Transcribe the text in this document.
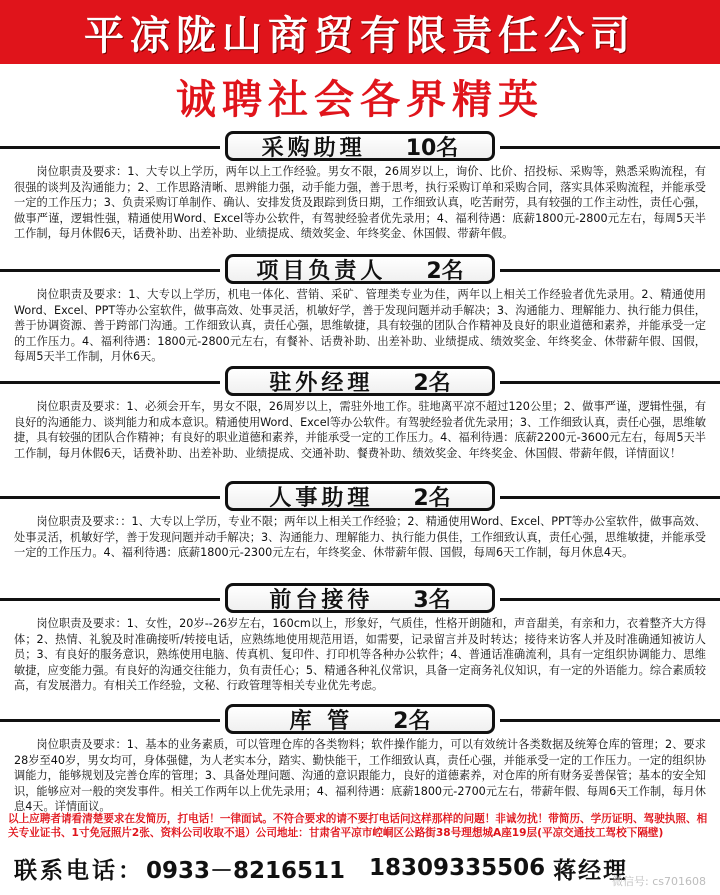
平凉陇山商贸有限责任公司
诚聘社会各界精英
采购助理 10名
岗位职责及要求：1、大专以上学历，两年以上工作经验。男女不限，26周岁以上，询价、比价、招投标、采购等，熟悉采购流程，有很强的谈判及沟通能力；2、工作思路清晰、思辨能力强，动手能力强，善于思考，执行采购订单和采购合同，落实具体采购流程，并能承受一定的工作压力；3、负责采购订单制作、确认、安排发货及跟踪到货日期，工作细致认真，吃苦耐劳，具有较强的工作主动性，责任心强，做事严谨，逻辑性强，精通使用Word、Excel等办公软件，有驾驶经验者优先录用；4、福利待遇：底薪1800元-2800元左右，每周5天半工作制，每月休假6天，话费补助、出差补助、业绩提成、绩效奖金、年终奖金、休国假、带薪年假。
项目负责人 2名
岗位职责及要求：1、大专以上学历，机电一体化、营销、采矿、管理类专业为佳，两年以上相关工作经验者优先录用。2、精通使用Word、Excel、PPT等办公室软件，做事高效、处事灵活，机敏好学，善于发现问题并动手解决；3、沟通能力、理解能力、执行能力俱佳，善于协调资源、善于跨部门沟通。工作细致认真，责任心强，思维敏捷，具有较强的团队合作精神及良好的职业道德和素养，并能承受一定的工作压力。4、福利待遇：1800元-2800元左右，有餐补、话费补助、出差补助、业绩提成、绩效奖金、年终奖金、休带薪年假、国假，每周5天半工作制，月休6天。
驻外经理 2名
岗位职责及要求：1、必须会开车，男女不限，26周岁以上，需驻外地工作。驻地离平凉不超过120公里；2、做事严谨，逻辑性强，有良好的沟通能力、谈判能力和成本意识。精通使用Word、Excel等办公软件。有驾驶经验者优先录用；3、工作细致认真，责任心强，思维敏捷，具有较强的团队合作精神；有良好的职业道德和素养，并能承受一定的工作压力。4、福利待遇：底薪2200元-3600元左右，每周5天半工作制，每月休假6天，话费补助、出差补助、业绩提成、交通补助、餐费补助、绩效奖金、年终奖金、休国假、带薪年假，详情面议！
人事助理 2名
岗位职责及要求：：1、大专以上学历，专业不限；两年以上相关工作经验；2、精通使用Word、Excel、PPT等办公室软件，做事高效、处事灵活，机敏好学，善于发现问题并动手解决；3、沟通能力、理解能力、执行能力俱佳，工作细致认真，责任心强，思维敏捷，并能承受一定的工作压力。4、福利待遇：底薪1800元-2300元左右，年终奖金、休带薪年假、国假，每周6天工作制，每月休息4天。
前台接待 3名
岗位职责及要求：1、女性，20岁--26岁左右，160cm以上，形象好，气质佳，性格开朗随和，声音甜美，有亲和力，衣着整齐大方得体；2、热情、礼貌及时准确接听/转接电话，应熟练地使用规范用语，如需要，记录留言并及时转达；接待来访客人并及时准确通知被访人员；3、有良好的服务意识，熟练使用电脑、传真机、复印件、打印机等各种办公软件；4、普通话准确流利，具有一定组织协调能力、思维敏捷，应变能力强。有良好的沟通交往能力，负有责任心；5、精通各种礼仪常识，具备一定商务礼仪知识，有一定的外语能力。综合素质较高，有发展潜力。有相关工作经验，文秘、行政管理等相关专业优先考虑。
库 管 2名
岗位职责及要求：1、基本的业务素质，可以管理仓库的各类物料；软件操作能力，可以有效统计各类数据及统筹仓库的管理；2、要求28岁至40岁，男女均可，身体强健，为人老实本分，踏实、勤快能干，工作细致认真，责任心强，并能承受一定的工作压力。一定的组织协调能力，能够规划及完善仓库的管理；3、具备处理问题、沟通的意识跟能力，良好的道德素养，对仓库的所有财务妥善保管；基本的安全知识，能够应对一般的突发事件。相关工作两年以上优先录用；4、福利待遇：底薪1800元-2700元左右，带薪年假、每周6天工作制，每月休息4天。详情面议。
以上应聘者请看清楚要求在发简历，打电话！一律面试。不符合要求的请不要打电话问这样那样的问题！非诚勿扰！带简历、学历证明、驾驶执照、相关专业证书、1寸免冠照片2张、资料公司收取不退）公司地址：甘肃省平凉市崆峒区公路街38号理想城A座19层(平凉交通技工驾校下隔壁)
联系电话： 0933－8216511 18309335506 蒋经理
微信号: cs701608
